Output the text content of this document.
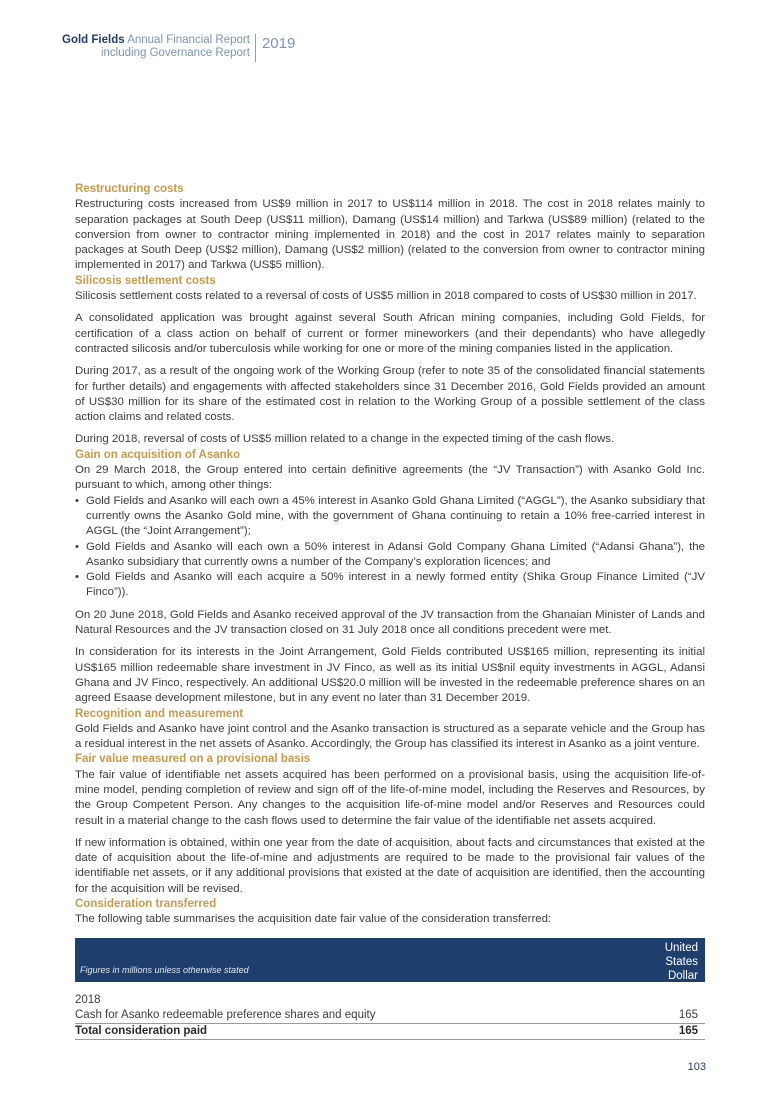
Gold Fields Annual Financial Report
including Governance Report
2019
Restructuring costs

Restructuring costs increased from US$9 million in 2017 to US$114 million in 2018. The cost in 2018 relates mainly to separation packages at South Deep (US$11 million), Damang (US$14 million) and Tarkwa (US$89 million) (related to the conversion from owner to contractor mining implemented in 2018) and the cost in 2017 relates mainly to separation packages at South Deep (US$2 million), Damang (US$2 million) (related to the conversion from owner to contractor mining implemented in 2017) and Tarkwa (US$5 million).

Silicosis settlement costs

Silicosis settlement costs related to a reversal of costs of US$5 million in 2018 compared to costs of US$30 million in 2017.

A consolidated application was brought against several South African mining companies, including Gold Fields, for certification of a class action on behalf of current or former mineworkers (and their dependants) who have allegedly contracted silicosis and/or tuberculosis while working for one or more of the mining companies listed in the application.

During 2017, as a result of the ongoing work of the Working Group (refer to note 35 of the consolidated financial statements for further details) and engagements with affected stakeholders since 31 December 2016, Gold Fields provided an amount of US$30 million for its share of the estimated cost in relation to the Working Group of a possible settlement of the class action claims and related costs.

During 2018, reversal of costs of US$5 million related to a change in the expected timing of the cash flows.

Gain on acquisition of Asanko

On 29 March 2018, the Group entered into certain definitive agreements (the “JV Transaction”) with Asanko Gold Inc. pursuant to which, among other things:

• Gold Fields and Asanko will each own a 45% interest in Asanko Gold Ghana Limited (“AGGL”), the Asanko subsidiary that currently owns the Asanko Gold mine, with the government of Ghana continuing to retain a 10% free-carried interest in AGGL (the “Joint Arrangement”);
• Gold Fields and Asanko will each own a 50% interest in Adansi Gold Company Ghana Limited (“Adansi Ghana”), the Asanko subsidiary that currently owns a number of the Company’s exploration licences; and
• Gold Fields and Asanko will each acquire a 50% interest in a newly formed entity (Shika Group Finance Limited (“JV Finco”)).

On 20 June 2018, Gold Fields and Asanko received approval of the JV transaction from the Ghanaian Minister of Lands and Natural Resources and the JV transaction closed on 31 July 2018 once all conditions precedent were met.

In consideration for its interests in the Joint Arrangement, Gold Fields contributed US$165 million, representing its initial US$165 million redeemable share investment in JV Finco, as well as its initial US$nil equity investments in AGGL, Adansi Ghana and JV Finco, respectively. An additional US$20.0 million will be invested in the redeemable preference shares on an agreed Esaase development milestone, but in any event no later than 31 December 2019.

Recognition and measurement

Gold Fields and Asanko have joint control and the Asanko transaction is structured as a separate vehicle and the Group has a residual interest in the net assets of Asanko. Accordingly, the Group has classified its interest in Asanko as a joint venture.

Fair value measured on a provisional basis

The fair value of identifiable net assets acquired has been performed on a provisional basis, using the acquisition life-of-mine model, pending completion of review and sign off of the life-of-mine model, including the Reserves and Resources, by the Group Competent Person. Any changes to the acquisition life-of-mine model and/or Reserves and Resources could result in a material change to the cash flows used to determine the fair value of the identifiable net assets acquired.

If new information is obtained, within one year from the date of acquisition, about facts and circumstances that existed at the date of acquisition about the life-of-mine and adjustments are required to be made to the provisional fair values of the identifiable net assets, or if any additional provisions that existed at the date of acquisition are identified, then the accounting for the acquisition will be revised.

Consideration transferred

The following table summarises the acquisition date fair value of the consideration transferred:

Figures in millions unless otherwise stated
United
States
Dollar
2018
Cash for Asanko redeemable preference shares and equity	165
Total consideration paid	165
103
